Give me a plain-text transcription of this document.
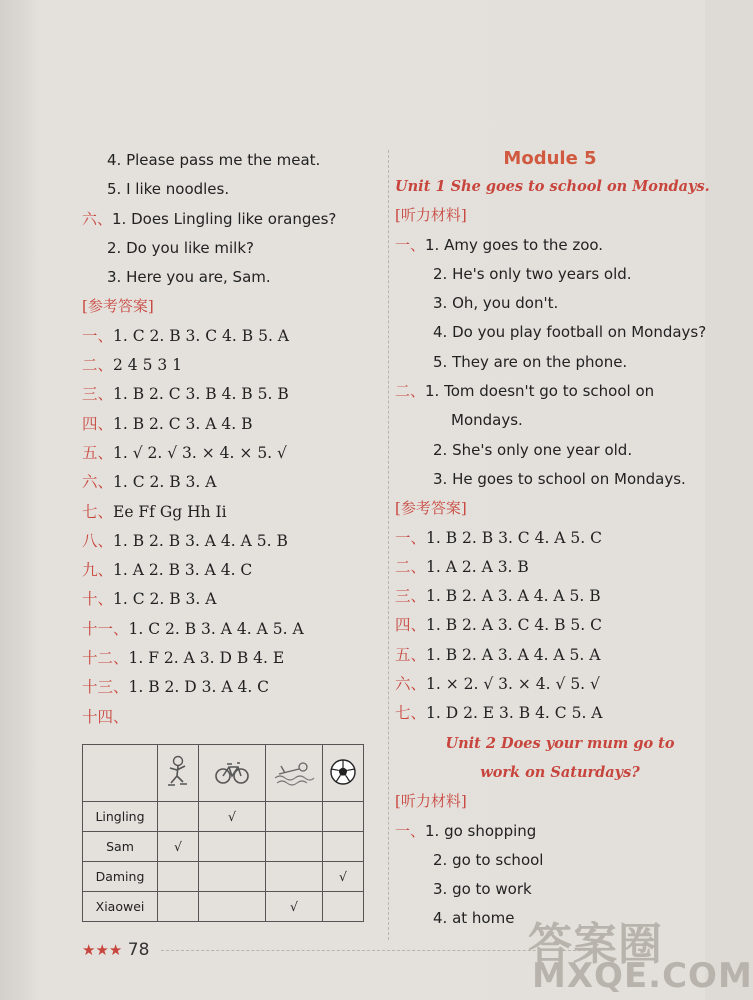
4. Please pass me the meat.
5. I like noodles.
六、1. Does Lingling like oranges?
2. Do you like milk?
3. Here you are, Sam.
[参考答案]
一、1. C 2. B 3. C 4. B 5. A
二、2 4 5 3 1
三、1. B 2. C 3. B 4. B 5. B
四、1. B 2. C 3. A 4. B
五、1. √ 2. √ 3. × 4. × 5. √
六、1. C 2. B 3. A
七、Ee Ff Gg Hh Ii
八、1. B 2. B 3. A 4. A 5. B
九、1. A 2. B 3. A 4. C
十、1. C 2. B 3. A
十一、1. C 2. B 3. A 4. A 5. A
十二、1. F 2. A 3. D B 4. E
十三、1. B 2. D 3. A 4. C
十四、

Lingling		√		
Sam	√			
Daming				√
Xiaowei			√	
Module 5
Unit 1 She goes to school on Mondays.
[听力材料]
一、1. Amy goes to the zoo.
2. He's only two years old.
3. Oh, you don't.
4. Do you play football on Mondays?
5. They are on the phone.
二、1. Tom doesn't go to school on
Mondays.
2. She's only one year old.
3. He goes to school on Mondays.
[参考答案]
一、1. B 2. B 3. C 4. A 5. C
二、1. A 2. A 3. B
三、1. B 2. A 3. A 4. A 5. B
四、1. B 2. A 3. C 4. B 5. C
五、1. B 2. A 3. A 4. A 5. A
六、1. × 2. √ 3. × 4. √ 5. √
七、1. D 2. E 3. B 4. C 5. A
Unit 2 Does your mum go to
work on Saturdays?
[听力材料]
一、1. go shopping
2. go to school
3. go to work
4. at home
★★★ 78	答案圈
MXQE.COM
